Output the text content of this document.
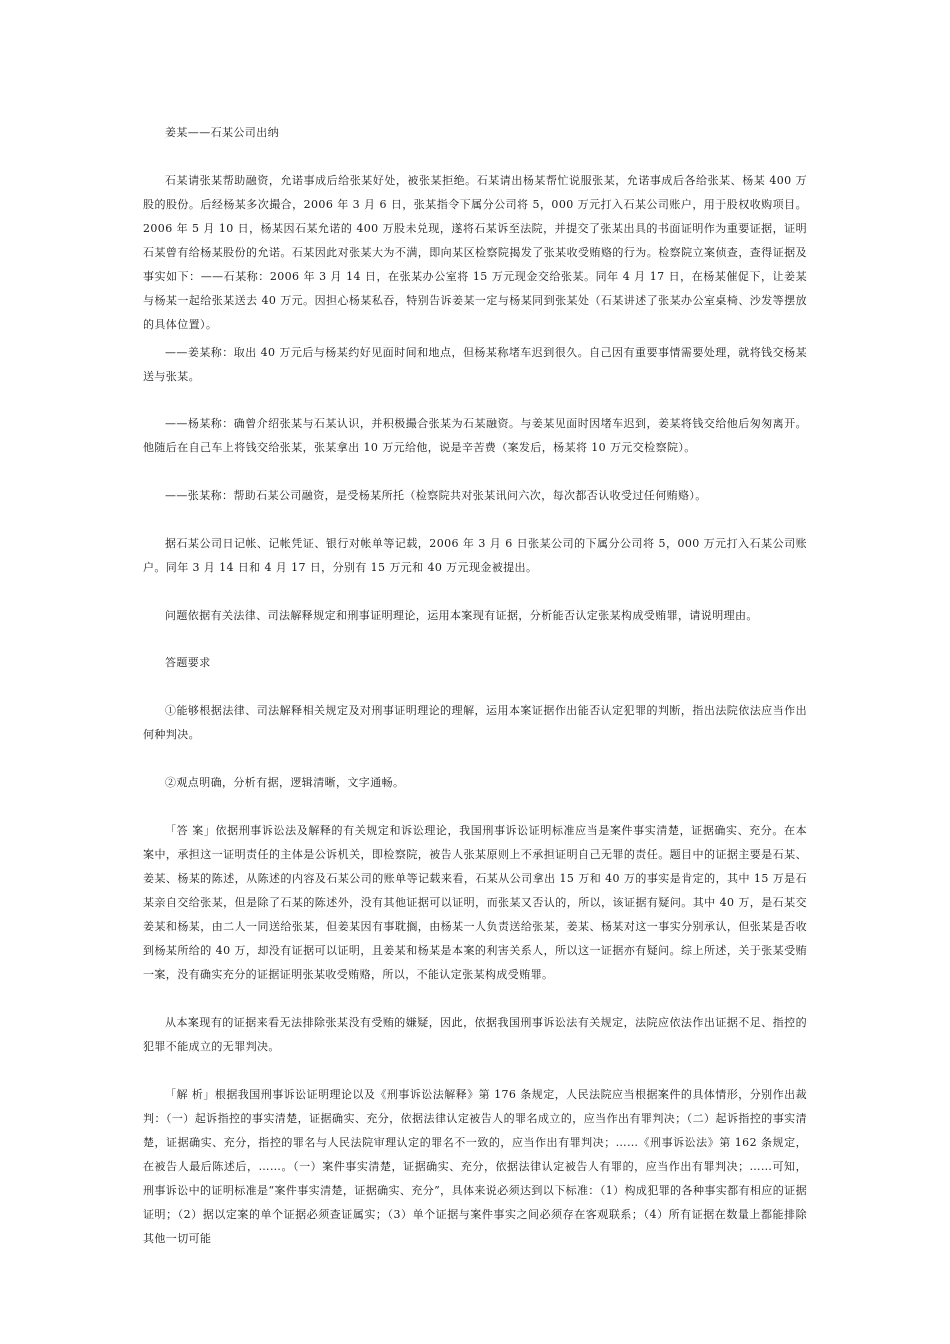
姜某——石某公司出纳

石某请张某帮助融资，允诺事成后给张某好处，被张某拒绝。石某请出杨某帮忙说服张某，允诺事成后各给张某、杨某 400 万股的股份。后经杨某多次撮合，2006 年 3 月 6 日，张某指令下属分公司将 5，000 万元打入石某公司账户，用于股权收购项目。2006 年 5 月 10 日，杨某因石某允诺的 400 万股未兑现，遂将石某诉至法院，并提交了张某出具的书面证明作为重要证据，证明石某曾有给杨某股份的允诺。石某因此对张某大为不满，即向某区检察院揭发了张某收受贿赂的行为。检察院立案侦查，查得证据及事实如下：——石某称：2006 年 3 月 14 日，在张某办公室将 15 万元现金交给张某。同年 4 月 17 日，在杨某催促下，让姜某与杨某一起给张某送去 40 万元。因担心杨某私吞，特别告诉姜某一定与杨某同到张某处（石某讲述了张某办公室桌椅、沙发等摆放的具体位置）。

——姜某称：取出 40 万元后与杨某约好见面时间和地点，但杨某称堵车迟到很久。自己因有重要事情需要处理，就将钱交杨某送与张某。

——杨某称：确曾介绍张某与石某认识，并积极撮合张某为石某融资。与姜某见面时因堵车迟到，姜某将钱交给他后匆匆离开。他随后在自己车上将钱交给张某，张某拿出 10 万元给他，说是辛苦费（案发后，杨某将 10 万元交检察院）。

——张某称：帮助石某公司融资，是受杨某所托（检察院共对张某讯问六次，每次都否认收受过任何贿赂）。

据石某公司日记帐、记帐凭证、银行对帐单等记载，2006 年 3 月 6 日张某公司的下属分公司将 5，000 万元打入石某公司账户。同年 3 月 14 日和 4 月 17 日，分别有 15 万元和 40 万元现金被提出。

问题依据有关法律、司法解释规定和刑事证明理论，运用本案现有证据，分析能否认定张某构成受贿罪，请说明理由。

答题要求

①能够根据法律、司法解释相关规定及对刑事证明理论的理解，运用本案证据作出能否认定犯罪的判断，指出法院依法应当作出何种判决。

②观点明确，分析有据，逻辑清晰，文字通畅。

「答 案」依据刑事诉讼法及解释的有关规定和诉讼理论，我国刑事诉讼证明标准应当是案件事实清楚，证据确实、充分。在本案中，承担这一证明责任的主体是公诉机关，即检察院，被告人张某原则上不承担证明自己无罪的责任。题目中的证据主要是石某、姜某、杨某的陈述，从陈述的内容及石某公司的账单等记载来看，石某从公司拿出 15 万和 40 万的事实是肯定的，其中 15 万是石某亲自交给张某，但是除了石某的陈述外，没有其他证据可以证明，而张某又否认的，所以，该证据有疑问。其中 40 万，是石某交姜某和杨某，由二人一同送给张某，但姜某因有事耽搁，由杨某一人负责送给张某，姜某、杨某对这一事实分别承认，但张某是否收到杨某所给的 40 万，却没有证据可以证明，且姜某和杨某是本案的利害关系人，所以这一证据亦有疑问。综上所述，关于张某受贿一案，没有确实充分的证据证明张某收受贿赂，所以，不能认定张某构成受贿罪。

从本案现有的证据来看无法排除张某没有受贿的嫌疑，因此，依据我国刑事诉讼法有关规定，法院应依法作出证据不足、指控的犯罪不能成立的无罪判决。

「解 析」根据我国刑事诉讼证明理论以及《刑事诉讼法解释》第 176 条规定，人民法院应当根据案件的具体情形，分别作出裁判：（一）起诉指控的事实清楚，证据确实、充分，依据法律认定被告人的罪名成立的，应当作出有罪判决；（二）起诉指控的事实清楚，证据确实、充分，指控的罪名与人民法院审理认定的罪名不一致的，应当作出有罪判决；……《刑事诉讼法》第 162 条规定，在被告人最后陈述后，……。（一）案件事实清楚，证据确实、充分，依据法律认定被告人有罪的，应当作出有罪判决；……可知，刑事诉讼中的证明标准是“案件事实清楚，证据确实、充分”，具体来说必须达到以下标准：（1）构成犯罪的各种事实都有相应的证据证明；（2）据以定案的单个证据必须查证属实；（3）单个证据与案件事实之间必须存在客观联系；（4）所有证据在数量上都能排除其他一切可能
